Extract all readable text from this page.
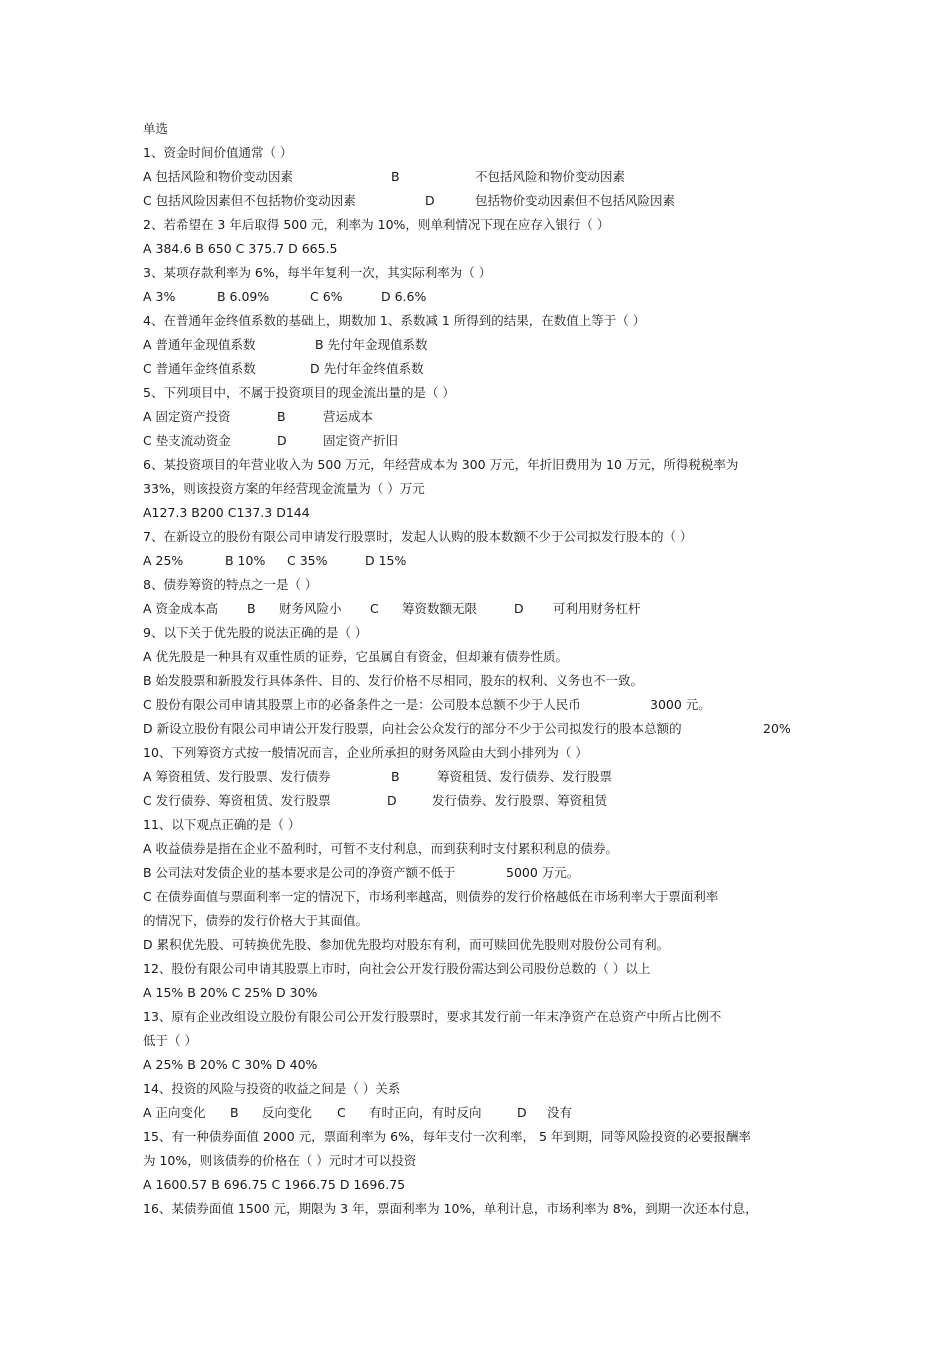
单选
1、资金时间价值通常（ ）
A 包括风险和物价变动因素	B	不包括风险和物价变动因素
C 包括风险因素但不包括物价变动因素	D	包括物价变动因素但不包括风险因素
2、若希望在 3 年后取得 500 元，利率为 10%，则单利情况下现在应存入银行（ ）
A 384.6 B 650 C 375.7 D 665.5
3、某项存款利率为 6%，每半年复利一次，其实际利率为（ ）
A 3%	B 6.09%	C 6%	D 6.6%
4、在普通年金终值系数的基础上，期数加 1、系数减 1 所得到的结果，在数值上等于（ ）
A 普通年金现值系数	B 先付年金现值系数
C 普通年金终值系数	D 先付年金终值系数
5、下列项目中，不属于投资项目的现金流出量的是（ ）
A 固定资产投资	B	营运成本
C 垫支流动资金	D	固定资产折旧
6、某投资项目的年营业收入为 500 万元，年经营成本为 300 万元，年折旧费用为 10 万元，所得税税率为
33%，则该投资方案的年经营现金流量为（ ）万元
A127.3 B200 C137.3 D144
7、在新设立的股份有限公司申请发行股票时，发起人认购的股本数额不少于公司拟发行股本的（ ）
A 25%	B 10% C 35%	D 15%
8、债券筹资的特点之一是（ ）
A 资金成本高 B 财务风险小 C 筹资数额无限	D 可利用财务杠杆
9、以下关于优先股的说法正确的是（ ）
A 优先股是一种具有双重性质的证券，它虽属自有资金，但却兼有债券性质。
B 始发股票和新股发行具体条件、目的、发行价格不尽相同，股东的权利、义务也不一致。
C 股份有限公司申请其股票上市的必备条件之一是：公司股本总额不少于人民币	3000 元。
D 新设立股份有限公司申请公开发行股票，向社会公众发行的部分不少于公司拟发行的股本总额的	20%
10、下列筹资方式按一般情况而言，企业所承担的财务风险由大到小排列为（ ）
A 筹资租赁、发行股票、发行债券	B	筹资租赁、发行债券、发行股票
C 发行债券、筹资租赁、发行股票	D	发行债券、发行股票、筹资租赁
11、以下观点正确的是（ ）
A 收益债券是指在企业不盈利时，可暂不支付利息，而到获利时支付累积利息的债券。
B 公司法对发债企业的基本要求是公司的净资产额不低于	5000 万元。
C 在债券面值与票面利率一定的情况下，市场利率越高，则债券的发行价格越低在市场利率大于票面利率
的情况下，债券的发行价格大于其面值。
D 累积优先股、可转换优先股、参加优先股均对股东有利，而可赎回优先股则对股份公司有利。
12、股份有限公司申请其股票上市时，向社会公开发行股份需达到公司股份总数的（ ）以上
A 15% B 20% C 25% D 30%
13、原有企业改组设立股份有限公司公开发行股票时，要求其发行前一年末净资产在总资产中所占比例不
低于（ ）
A 25% B 20% C 30% D 40%
14、投资的风险与投资的收益之间是（ ）关系
A 正向变化 B 反向变化 C 有时正向，有时反向	D 没有
15、有一种债券面值 2000 元，票面利率为 6%，每年支付一次利率， 5 年到期，同等风险投资的必要报酬率
为 10%，则该债券的价格在（ ）元时才可以投资
A 1600.57 B 696.75 C 1966.75 D 1696.75
16、某债券面值 1500 元，期限为 3 年，票面利率为 10%，单利计息，市场利率为 8%，到期一次还本付息，
